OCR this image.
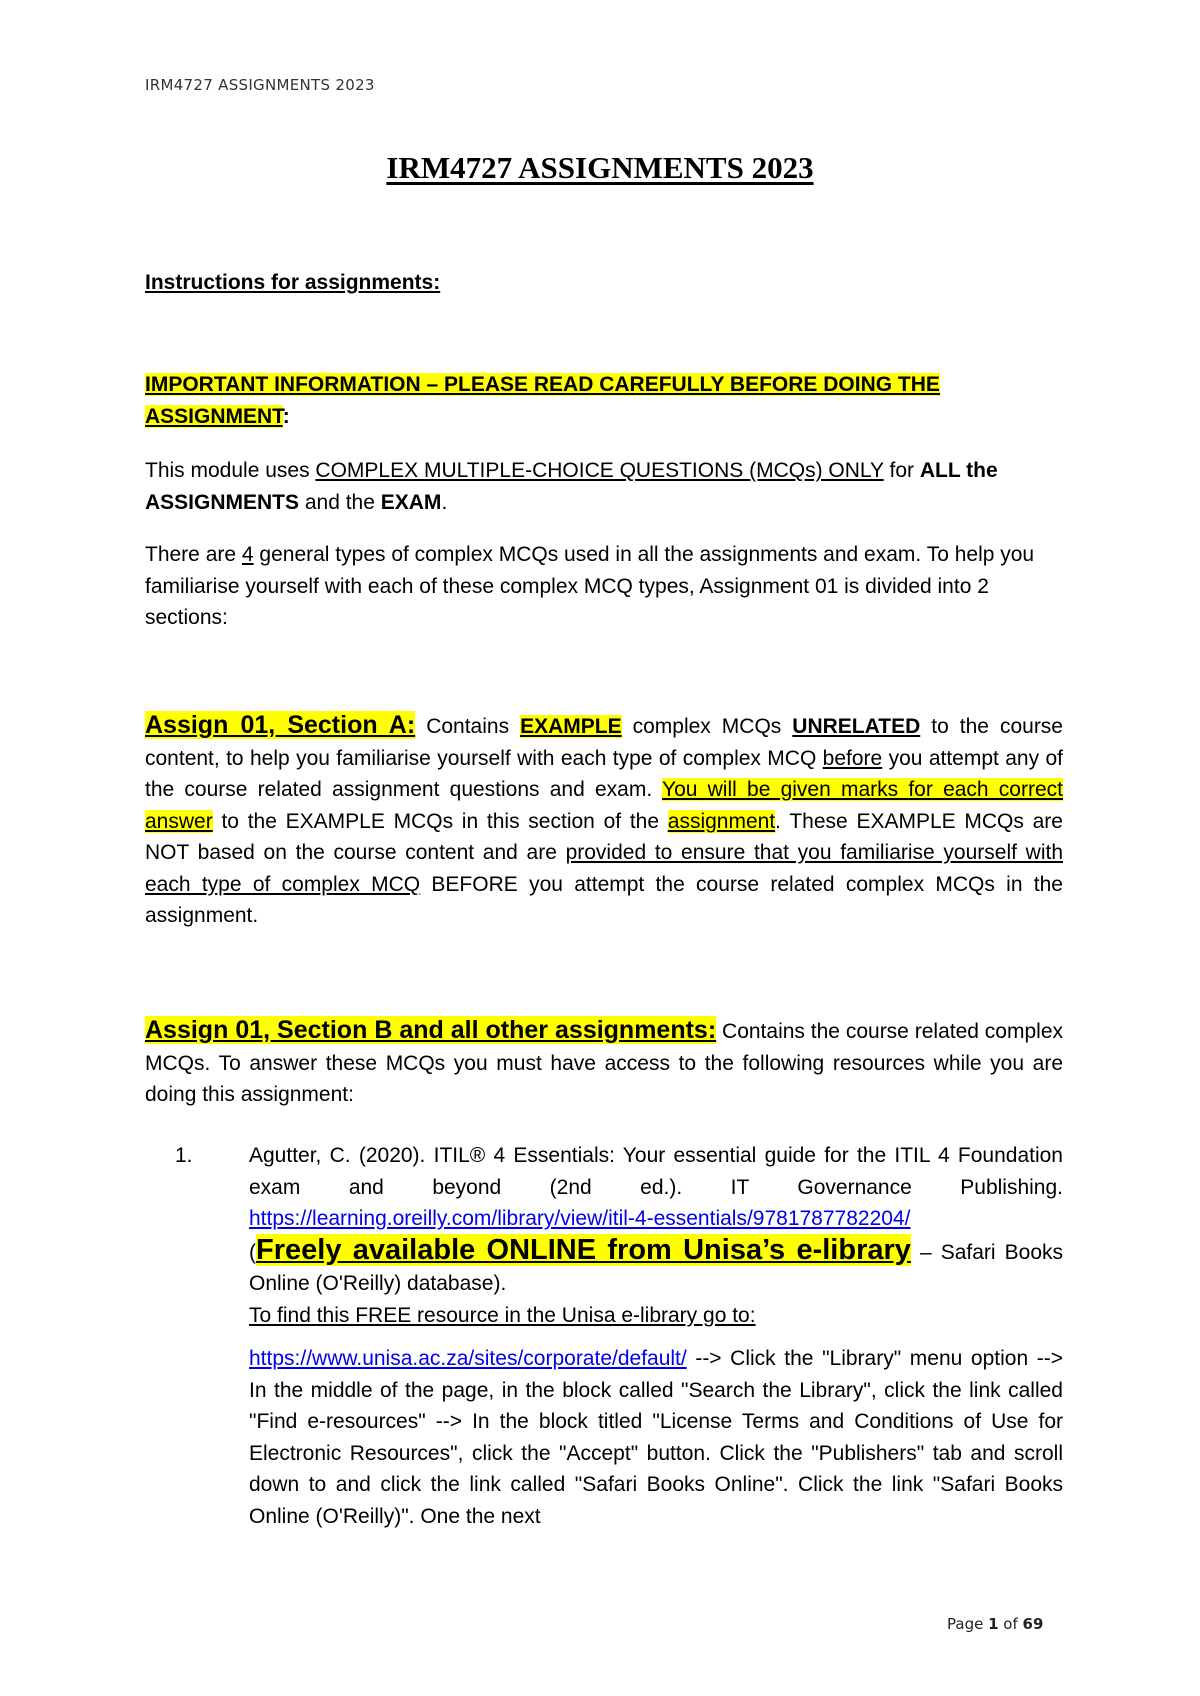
IRM4727 ASSIGNMENTS 2023
IRM4727 ASSIGNMENTS 2023
Instructions for assignments:
IMPORTANT INFORMATION – PLEASE READ CAREFULLY BEFORE DOING THE ASSIGNMENT:
This module uses COMPLEX MULTIPLE-CHOICE QUESTIONS (MCQs) ONLY for ALL the ASSIGNMENTS and the EXAM.
There are 4 general types of complex MCQs used in all the assignments and exam. To help you familiarise yourself with each of these complex MCQ types, Assignment 01 is divided into 2 sections:
Assign 01, Section A: Contains EXAMPLE complex MCQs UNRELATED to the course content, to help you familiarise yourself with each type of complex MCQ before you attempt any of the course related assignment questions and exam. You will be given marks for each correct answer to the EXAMPLE MCQs in this section of the assignment. These EXAMPLE MCQs are NOT based on the course content and are provided to ensure that you familiarise yourself with each type of complex MCQ BEFORE you attempt the course related complex MCQs in the assignment.
Assign 01, Section B and all other assignments: Contains the course related complex MCQs. To answer these MCQs you must have access to the following resources while you are doing this assignment:
1.	Agutter, C. (2020). ITIL® 4 Essentials: Your essential guide for the ITIL 4 Foundation exam and beyond (2nd ed.). IT Governance Publishing. https://learning.oreilly.com/library/view/itil-4-essentials/9781787782204/
(Freely available ONLINE from Unisa’s e-library – Safari Books Online (O'Reilly) database).
To find this FREE resource in the Unisa e-library go to:
https://www.unisa.ac.za/sites/corporate/default/ --> Click the "Library" menu option --> In the middle of the page, in the block called "Search the Library", click the link called "Find e-resources" --> In the block titled "License Terms and Conditions of Use for Electronic Resources", click the "Accept" button. Click the "Publishers" tab and scroll down to and click the link called "Safari Books Online". Click the link "Safari Books Online (O'Reilly)". One the next
Page 1 of 69
